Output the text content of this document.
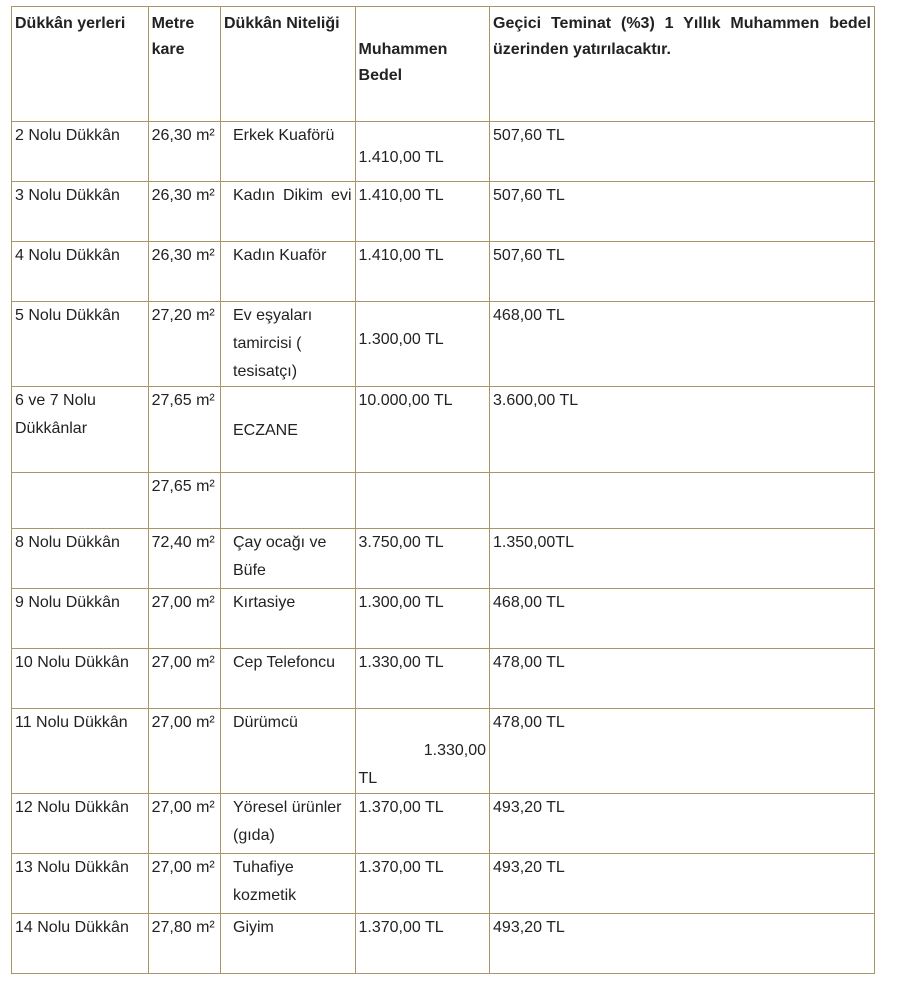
Dükkân yerleri	Metre kare	Dükkân Niteliği	Muhammen Bedel	Geçici Teminat (%3) 1 Yıllık Muhammen bedel üzerinden yatırılacaktır.
2 Nolu Dükkân	26,30 m²	Erkek Kuaförü	1.410,00 TL	507,60 TL
3 Nolu Dükkân	26,30 m²	Kadın Dikim evi	1.410,00 TL	507,60 TL
4 Nolu Dükkân	26,30 m²	Kadın Kuaför	1.410,00 TL	507,60 TL
5 Nolu Dükkân	27,20 m²	Ev eşyaları tamircisi ( tesisatçı)	1.300,00 TL	468,00 TL
6 ve 7 Nolu Dükkânlar	27,65 m²	ECZANE	10.000,00 TL	3.600,00 TL
	27,65 m²			
8 Nolu Dükkân	72,40 m²	Çay ocağı ve Büfe	3.750,00 TL	1.350,00TL
9 Nolu Dükkân	27,00 m²	Kırtasiye	1.300,00 TL	468,00 TL
10 Nolu Dükkân	27,00 m²	Cep Telefoncu	1.330,00 TL	478,00 TL
11 Nolu Dükkân	27,00 m²	Dürümcü	1.330,00 TL	478,00 TL
12 Nolu Dükkân	27,00 m²	Yöresel ürünler (gıda)	1.370,00 TL	493,20 TL
13 Nolu Dükkân	27,00 m²	Tuhafiye kozmetik	1.370,00 TL	493,20 TL
14 Nolu Dükkân	27,80 m²	Giyim	1.370,00 TL	493,20 TL
